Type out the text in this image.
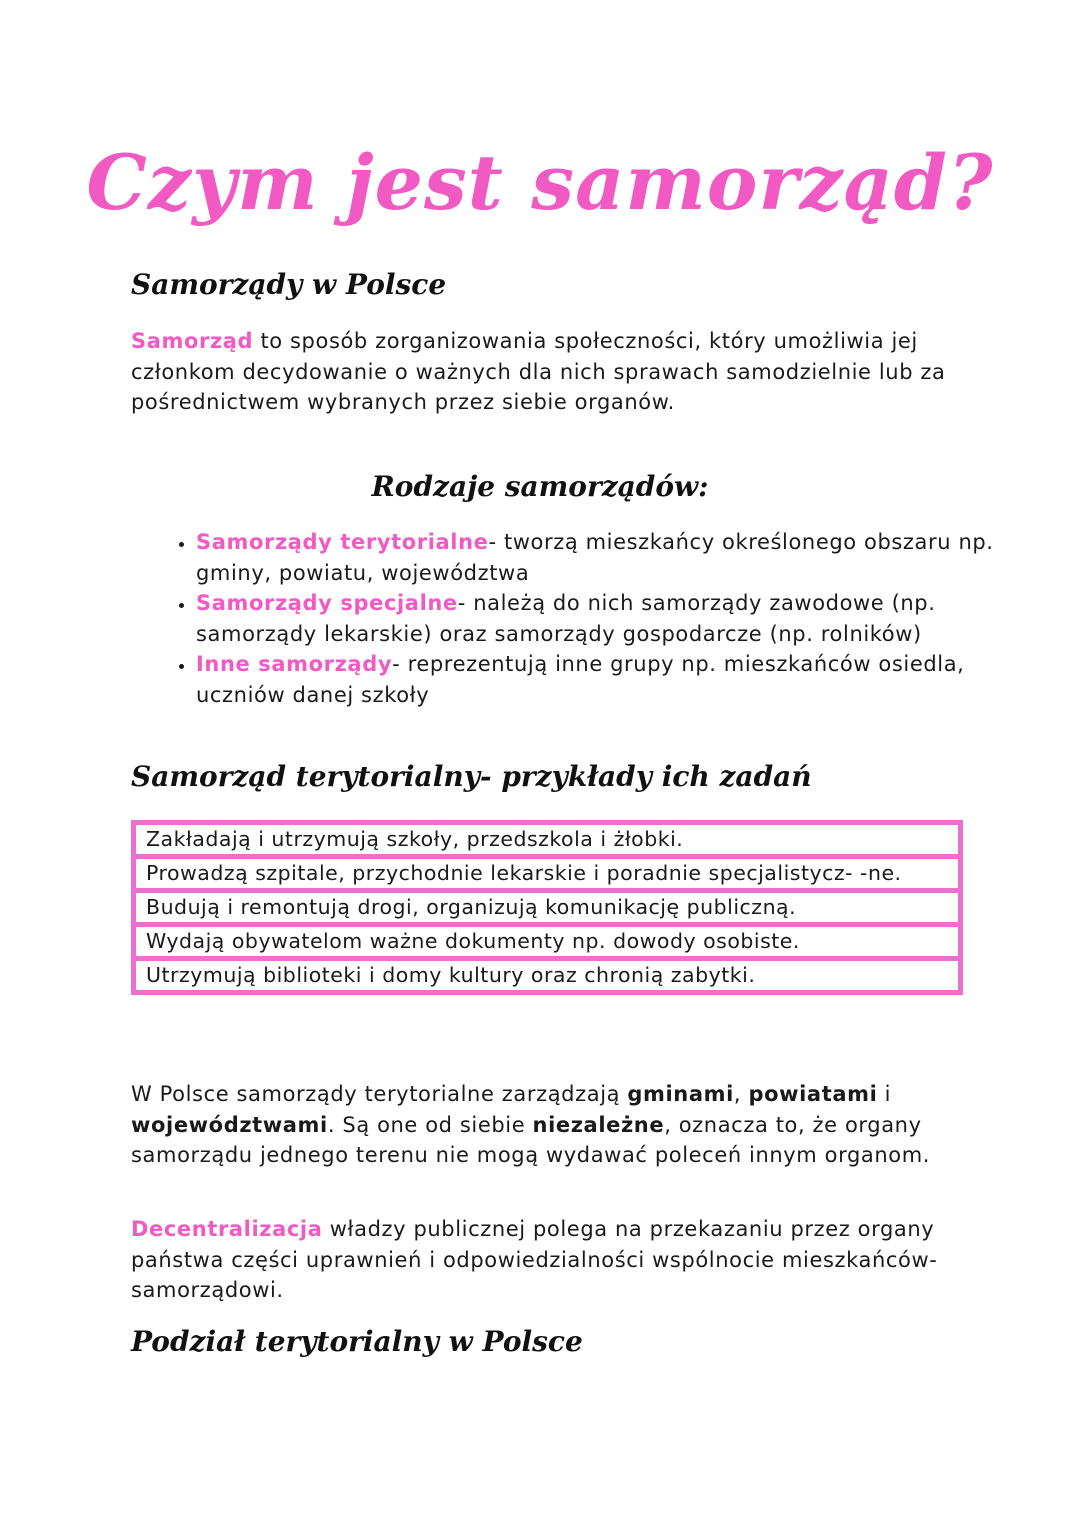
Czym jest samorząd?
Samorządy w Polsce

Samorząd to sposób zorganizowania społeczności, który umożliwia jej członkom decydowanie o ważnych dla nich sprawach samodzielnie lub za pośrednictwem wybranych przez siebie organów.

Rodzaje samorządów:
• Samorządy terytorialne- tworzą mieszkańcy określonego obszaru np. gminy, powiatu, województwa
• Samorządy specjalne- należą do nich samorządy zawodowe (np. samorządy lekarskie) oraz samorządy gospodarcze (np. rolników)
• Inne samorządy- reprezentują inne grupy np. mieszkańców osiedla, uczniów danej szkoły
Samorząd terytorialny- przykłady ich zadań
Zakładają i utrzymują szkoły, przedszkola i żłobki.
Prowadzą szpitale, przychodnie lekarskie i poradnie specjalistycz- -ne.
Budują i remontują drogi, organizują komunikację publiczną.
Wydają obywatelom ważne dokumenty np. dowody osobiste.
Utrzymują biblioteki i domy kultury oraz chronią zabytki.

W Polsce samorządy terytorialne zarządzają gminami, powiatami i województwami. Są one od siebie niezależne, oznacza to, że organy samorządu jednego terenu nie mogą wydawać poleceń innym organom.

Decentralizacja władzy publicznej polega na przekazaniu przez organy państwa części uprawnień i odpowiedzialności wspólnocie mieszkańców- samorządowi.

Podział terytorialny w Polsce
